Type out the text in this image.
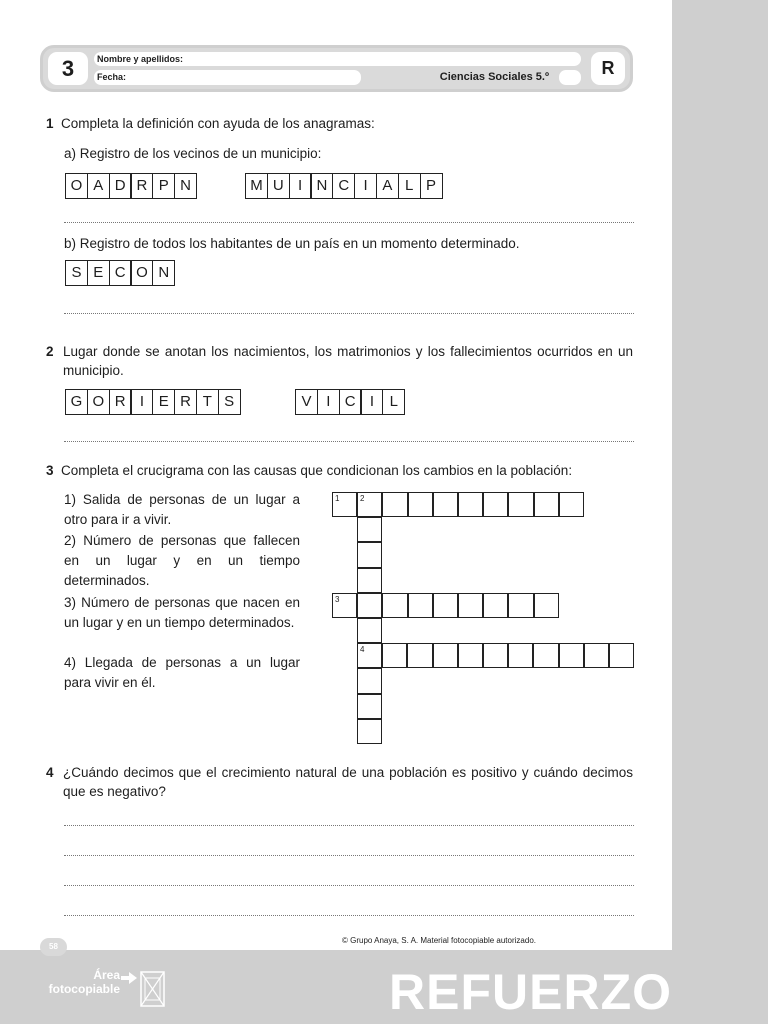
3	Nombre y apellidos:
Fecha:	Ciencias Sociales 5.º	R
1 Completa la definición con ayuda de los anagramas:
a) Registro de los vecinos de un municipio:
O A D R P N	M U I N C I A L P
b) Registro de todos los habitantes de un país en un momento determinado.
S E C O N
2 Lugar donde se anotan los nacimientos, los matrimonios y los fallecimientos ocurridos en un municipio.
G O R I E R T S	V I C I	L
3 Completa el crucigrama con las causas que condicionan los cambios en la población:
1) Salida de personas de un lugar a otro para ir a vivir.
2) Número de personas que fallecen en un lugar y en un tiempo determinados.
3) Número de personas que nacen en un lugar y en un tiempo determinados.
4) Llegada de personas a un lugar para vivir en él.
1	2
3
4
4 ¿Cuándo decimos que el crecimiento natural de una población es positivo y cuándo decimos que es negativo?
© Grupo Anaya, S. A. Material fotocopiable autorizado.
58
Área
fotocopiable	REFUERZO
